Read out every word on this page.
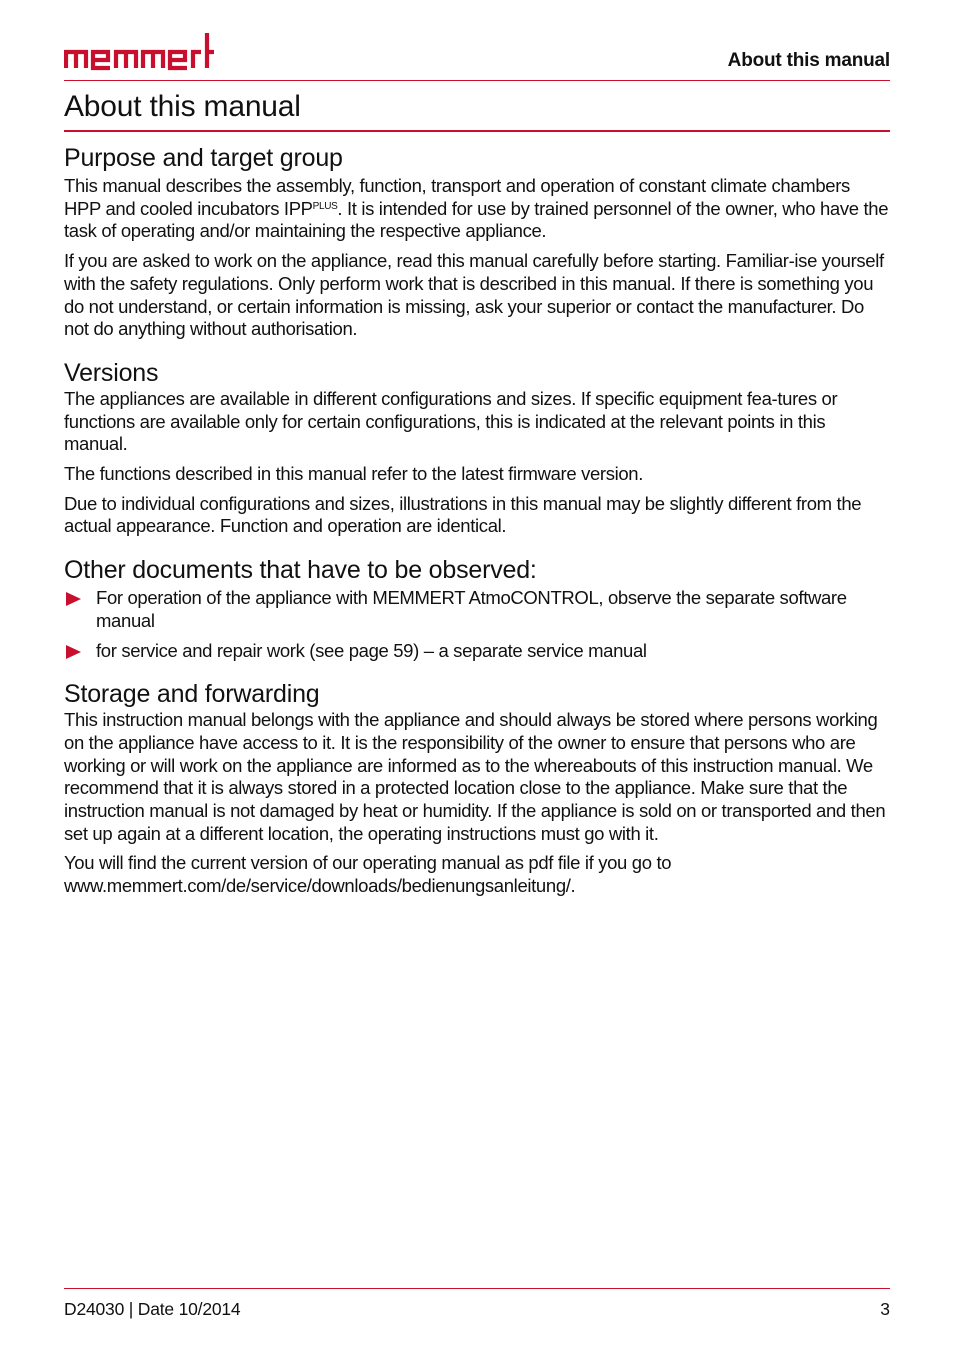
About this manual
About this manual
Purpose and target group

This manual describes the assembly, function, transport and operation of constant climate chambers HPP and cooled incubators $IPP^{PLUS}$. It is intended for use by trained personnel of the owner, who have the task of operating and/or maintaining the respective appliance.

If you are asked to work on the appliance, read this manual carefully before starting. Familiar-ise yourself with the safety regulations. Only perform work that is described in this manual. If there is something you do not understand, or certain information is missing, ask your superior or contact the manufacturer. Do not do anything without authorisation.

Versions

The appliances are available in different configurations and sizes. If specific equipment fea-tures or functions are available only for certain configurations, this is indicated at the relevant points in this manual.

The functions described in this manual refer to the latest firmware version.

Due to individual configurations and sizes, illustrations in this manual may be slightly different from the actual appearance. Function and operation are identical.

Other documents that have to be observed:
For operation of the appliance with MEMMERT AtmoCONTROL, observe the separate software manual
for service and repair work (see page 59) – a separate service manual
Storage and forwarding

This instruction manual belongs with the appliance and should always be stored where persons working on the appliance have access to it. It is the responsibility of the owner to ensure that persons who are working or will work on the appliance are informed as to the whereabouts of this instruction manual. We recommend that it is always stored in a protected location close to the appliance. Make sure that the instruction manual is not damaged by heat or humidity. If the appliance is sold on or transported and then set up again at a different location, the operating instructions must go with it.

You will find the current version of our operating manual as pdf file if you go to
www.memmert.com/de/service/downloads/bedienungsanleitung/.

D24030 | Date 10/2014	3
